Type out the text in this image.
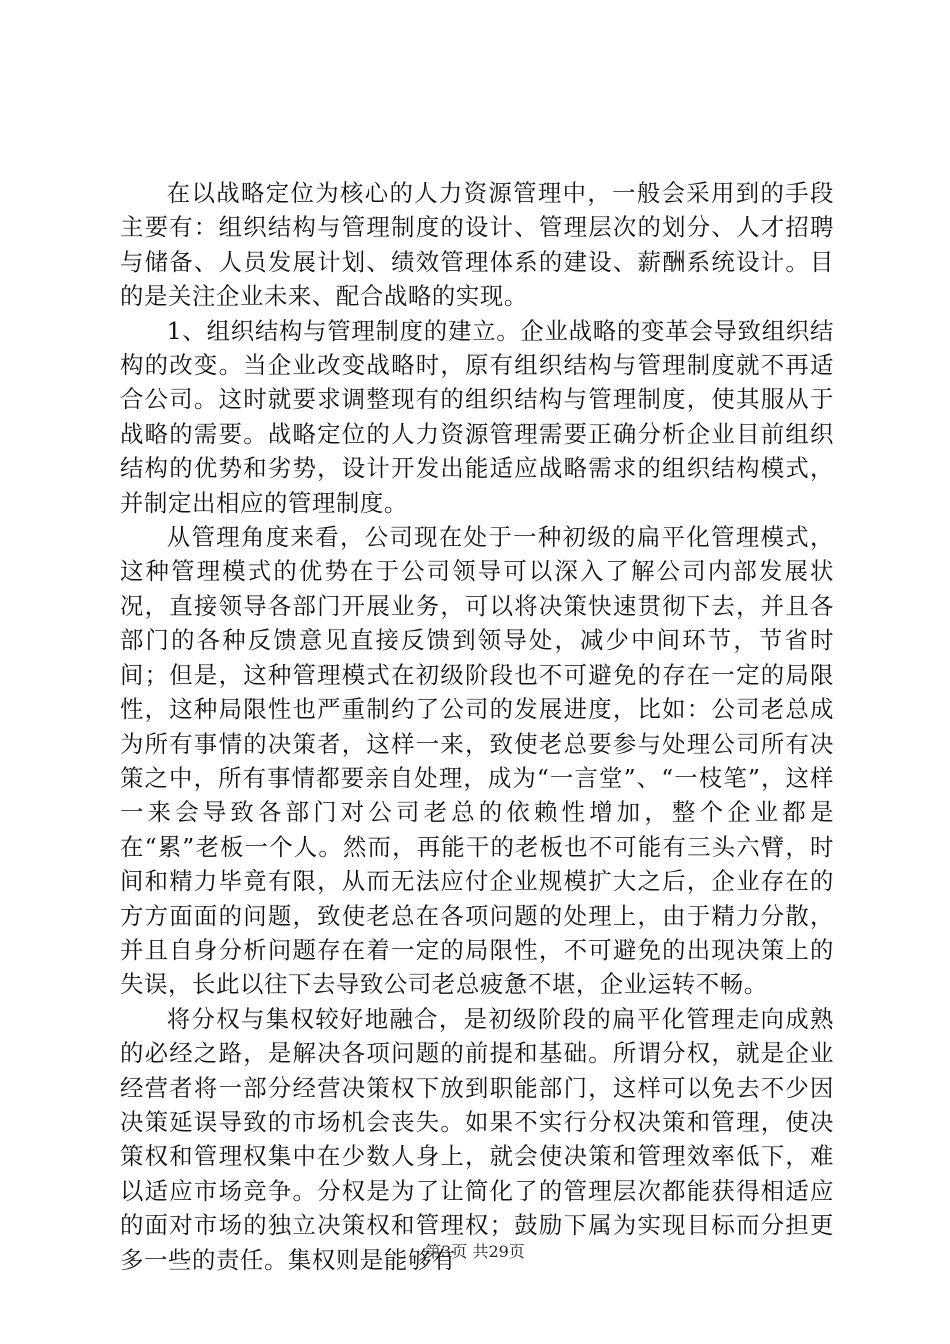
在以战略定位为核心的人力资源管理中，一般会采用到的手段主要有：组织结构与管理制度的设计、管理层次的划分、人才招聘与储备、人员发展计划、绩效管理体系的建设、薪酬系统设计。目的是关注企业未来、配合战略的实现。

1、组织结构与管理制度的建立。企业战略的变革会导致组织结构的改变。当企业改变战略时，原有组织结构与管理制度就不再适合公司。这时就要求调整现有的组织结构与管理制度，使其服从于战略的需要。战略定位的人力资源管理需要正确分析企业目前组织结构的优势和劣势，设计开发出能适应战略需求的组织结构模式，并制定出相应的管理制度。

从管理角度来看，公司现在处于一种初级的扁平化管理模式，这种管理模式的优势在于公司领导可以深入了解公司内部发展状况，直接领导各部门开展业务，可以将决策快速贯彻下去，并且各部门的各种反馈意见直接反馈到领导处，减少中间环节，节省时间；但是，这种管理模式在初级阶段也不可避免的存在一定的局限性，这种局限性也严重制约了公司的发展进度，比如：公司老总成为所有事情的决策者，这样一来，致使老总要参与处理公司所有决策之中，所有事情都要亲自处理，成为“一言堂”、“一枝笔”，这样一来会导致各部门对公司老总的依赖性增加，整个企业都是在“累”老板一个人。然而，再能干的老板也不可能有三头六臂，时间和精力毕竟有限，从而无法应付企业规模扩大之后，企业存在的方方面面的问题，致使老总在各项问题的处理上，由于精力分散，并且自身分析问题存在着一定的局限性，不可避免的出现决策上的失误，长此以往下去导致公司老总疲惫不堪，企业运转不畅。

将分权与集权较好地融合，是初级阶段的扁平化管理走向成熟的必经之路，是解决各项问题的前提和基础。所谓分权，就是企业经营者将一部分经营决策权下放到职能部门，这样可以免去不少因决策延误导致的市场机会丧失。如果不实行分权决策和管理，使决策权和管理权集中在少数人身上，就会使决策和管理效率低下，难以适应市场竞争。分权是为了让简化了的管理层次都能获得相适应的面对市场的独立决策权和管理权；鼓励下属为实现目标而分担更多一些的责任。集权则是能够有

第3页 共29页
